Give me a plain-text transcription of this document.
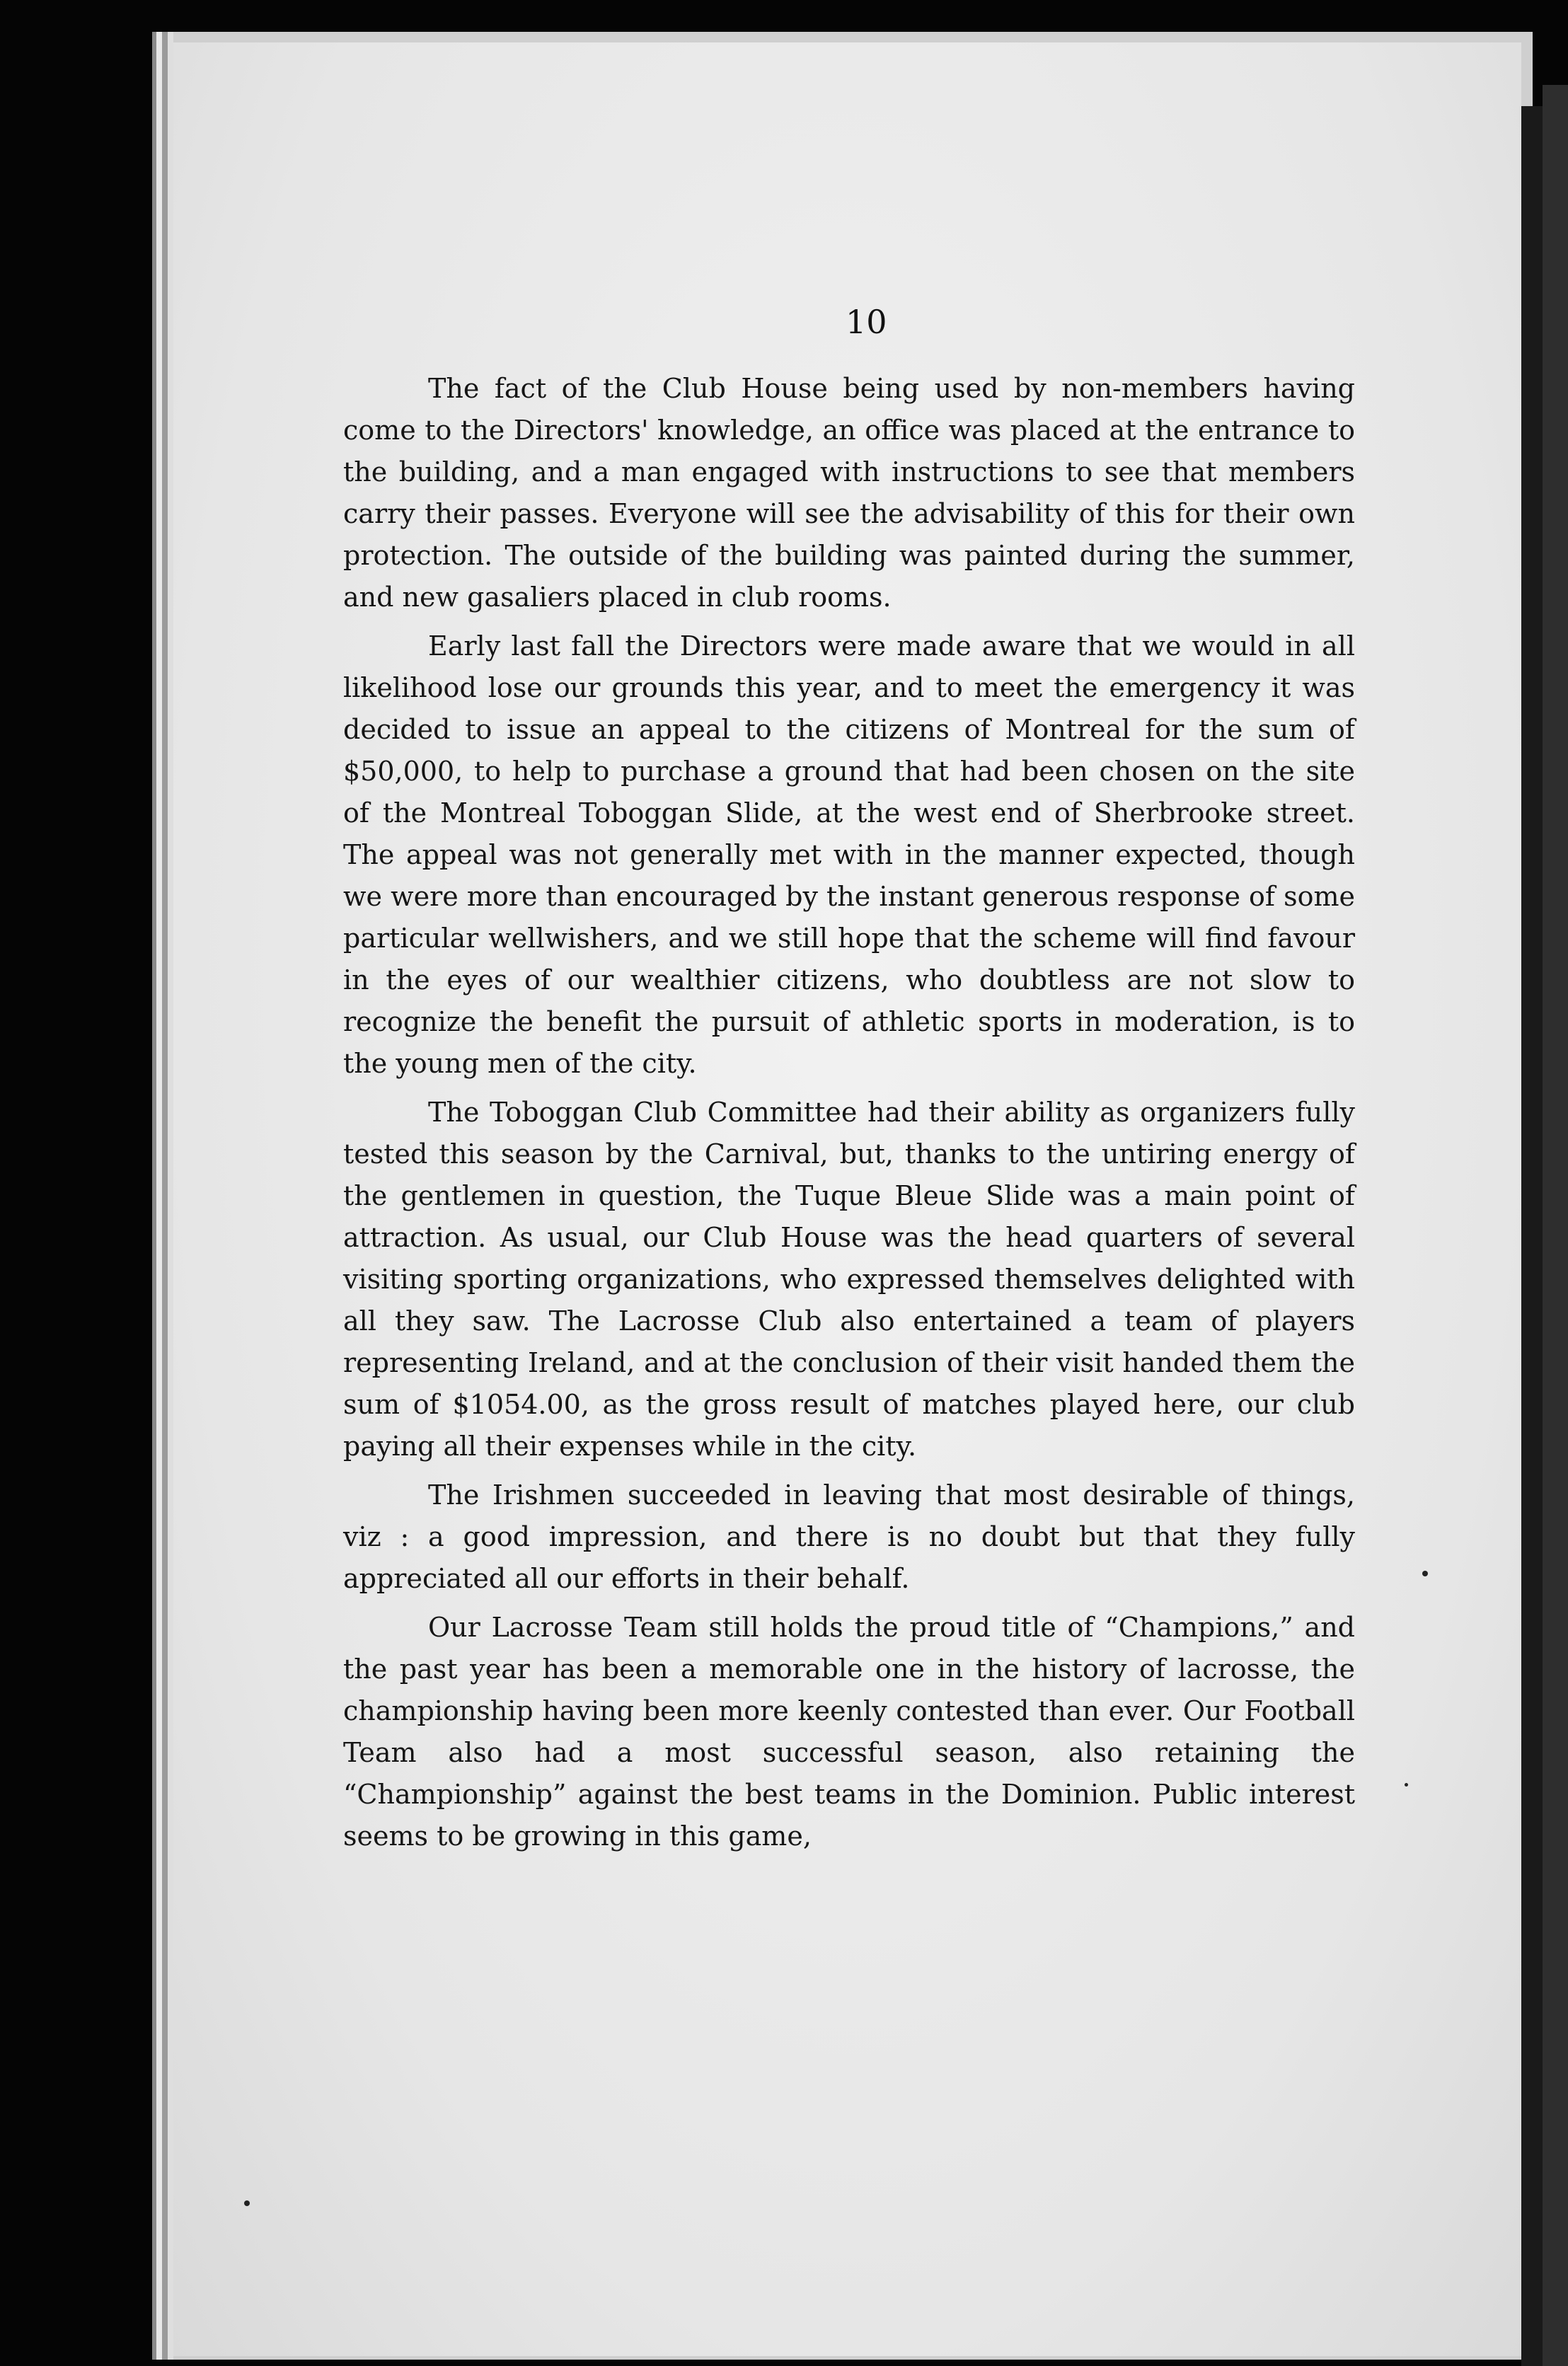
10

The fact of the Club House being used by non-members having come to the Directors' knowledge, an office was placed at the entrance to the building, and a man engaged with instructions to see that members carry their passes. Everyone will see the advisability of this for their own protection. The outside of the building was painted during the summer, and new gasaliers placed in club rooms.

Early last fall the Directors were made aware that we would in all likelihood lose our grounds this year, and to meet the emergency it was decided to issue an appeal to the citizens of Montreal for the sum of $50,000, to help to purchase a ground that had been chosen on the site of the Montreal Toboggan Slide, at the west end of Sherbrooke street. The appeal was not generally met with in the manner expected, though we were more than encouraged by the instant generous response of some particular wellwishers, and we still hope that the scheme will find favour in the eyes of our wealthier citizens, who doubtless are not slow to recognize the benefit the pursuit of athletic sports in moderation, is to the young men of the city.

The Toboggan Club Committee had their ability as organizers fully tested this season by the Carnival, but, thanks to the untiring energy of the gentlemen in question, the Tuque Bleue Slide was a main point of attraction. As usual, our Club House was the head quarters of several visiting sporting organizations, who expressed themselves delighted with all they saw. The Lacrosse Club also entertained a team of players representing Ireland, and at the conclusion of their visit handed them the sum of $1054.00, as the gross result of matches played here, our club paying all their expenses while in the city.

The Irishmen succeeded in leaving that most desirable of things, viz : a good impression, and there is no doubt but that they fully appreciated all our efforts in their behalf.

Our Lacrosse Team still holds the proud title of “Champions,” and the past year has been a memorable one in the history of lacrosse, the championship having been more keenly contested than ever. Our Football Team also had a most successful season, also retaining the “Championship” against the best teams in the Dominion. Public interest seems to be growing in this game,
